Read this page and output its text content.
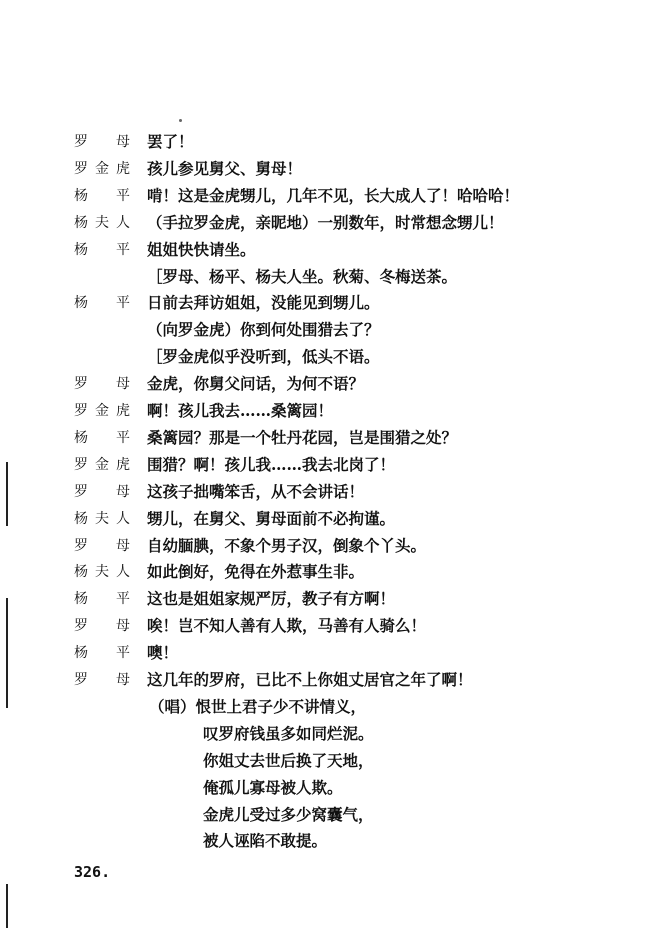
罗　母 罢了！
罗金虎 孩儿参见舅父、舅母！
杨　平 啃！这是金虎甥儿，几年不见，长大成人了！哈哈哈！
杨夫人 （手拉罗金虎，亲昵地）一别数年，时常想念甥儿！
杨　平 姐姐快快请坐。
［罗母、杨平、杨夫人坐。秋菊、冬梅送茶。
杨　平 日前去拜访姐姐，没能见到甥儿。
（向罗金虎）你到何处围猎去了？
［罗金虎似乎没听到，低头不语。
罗　母 金虎，你舅父问话，为何不语？
罗金虎 啊！孩儿我去……桑篱园！
杨　平 桑篱园？那是一个牡丹花园，岂是围猎之处？
罗金虎 围猎？啊！孩儿我……我去北岗了！
罗　母 这孩子拙嘴笨舌，从不会讲话！
杨夫人 甥儿，在舅父、舅母面前不必拘谨。
罗　母 自幼腼腆，不象个男子汉，倒象个丫头。
杨夫人 如此倒好，免得在外惹事生非。
杨　平 这也是姐姐家规严厉，教子有方啊！
罗　母 唉！岂不知人善有人欺，马善有人骑么！
杨　平 噢！
罗　母 这几年的罗府，已比不上你姐丈居官之年了啊！
（唱）恨世上君子少不讲情义，
叹罗府钱虽多如同烂泥。
你姐丈去世后换了天地，
俺孤儿寡母被人欺。
金虎儿受过多少窝囊气，
被人诬陷不敢提。
326.
